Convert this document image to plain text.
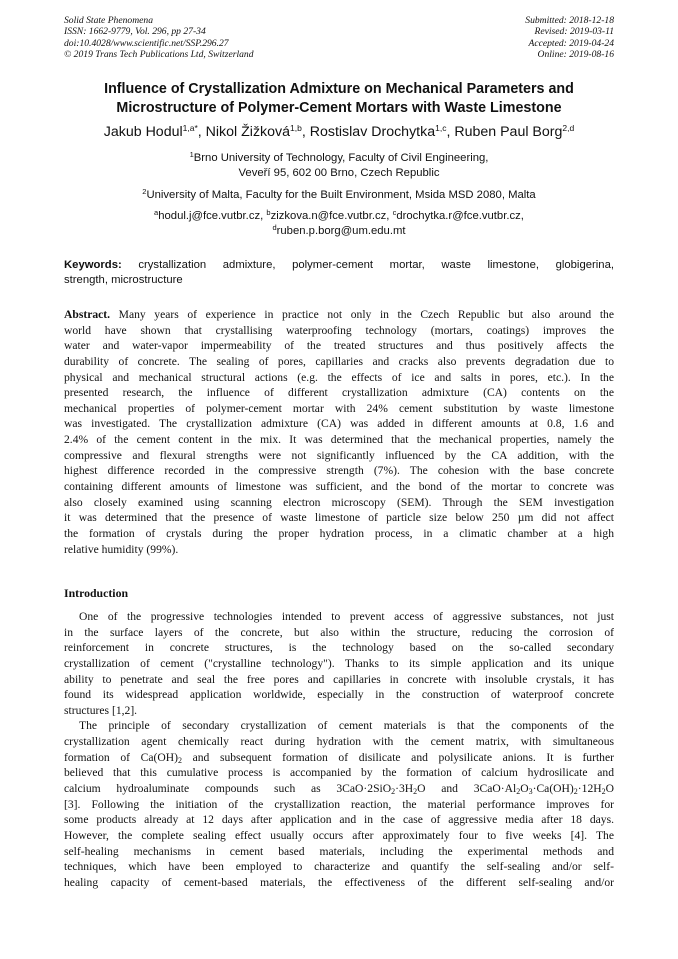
Solid State Phenomena
ISSN: 1662-9779, Vol. 296, pp 27-34
doi:10.4028/www.scientific.net/SSP.296.27
© 2019 Trans Tech Publications Ltd, Switzerland
Submitted: 2018-12-18
Revised: 2019-03-11
Accepted: 2019-04-24
Online: 2019-08-16
Influence of Crystallization Admixture on Mechanical Parameters and
Microstructure of Polymer-Cement Mortars with Waste Limestone
Jakub Hodul$^{1,a*}$, Nikol Žižková$^{1,b}$, Rostislav Drochytka$^{1,c}$, Ruben Paul Borg$^{2,d}$
$^1$Brno University of Technology, Faculty of Civil Engineering,
Veveří 95, 602 00 Brno, Czech Republic
$^2$University of Malta, Faculty for the Built Environment, Msida MSD 2080, Malta
$^a$hodul.j@fce.vutbr.cz, $^b$zizkova.n@fce.vutbr.cz, $^c$drochytka.r@fce.vutbr.cz,
$^d$ruben.p.borg@um.edu.mt
Keywords: crystallization admixture, polymer-cement mortar, waste limestone, globigerina,
strength, microstructure
Abstract. Many years of experience in practice not only in the Czech Republic but also around the
world have shown that crystallising waterproofing technology (mortars, coatings) improves the
water and water-vapor impermeability of the treated structures and thus positively affects the
durability of concrete. The sealing of pores, capillaries and cracks also prevents degradation due to
physical and mechanical structural actions (e.g. the effects of ice and salts in pores, etc.). In the
presented research, the influence of different crystallization admixture (CA) contents on the
mechanical properties of polymer-cement mortar with 24% cement substitution by waste limestone
was investigated. The crystallization admixture (CA) was added in different amounts at 0.8, 1.6 and
2.4% of the cement content in the mix. It was determined that the mechanical properties, namely the
compressive and flexural strengths were not significantly influenced by the CA addition, with the
highest difference recorded in the compressive strength (7%). The cohesion with the base concrete
containing different amounts of limestone was sufficient, and the bond of the mortar to concrete was
also closely examined using scanning electron microscopy (SEM). Through the SEM investigation
it was determined that the presence of waste limestone of particle size below 250 µm did not affect
the formation of crystals during the proper hydration process, in a climatic chamber at a high
relative humidity (99%).
Introduction
One of the progressive technologies intended to prevent access of aggressive substances, not just
in the surface layers of the concrete, but also within the structure, reducing the corrosion of
reinforcement in concrete structures, is the technology based on the so-called secondary
crystallization of cement ("crystalline technology"). Thanks to its simple application and its unique
ability to penetrate and seal the free pores and capillaries in concrete with insoluble crystals, it has
found its widespread application worldwide, especially in the construction of waterproof concrete
structures [1,2].
The principle of secondary crystallization of cement materials is that the components of the
crystallization agent chemically react during hydration with the cement matrix, with simultaneous
formation of $Ca(OH)_2$ and subsequent formation of disilicate and polysilicate anions. It is further
believed that this cumulative process is accompanied by the formation of calcium hydrosilicate and
calcium hydroaluminate compounds such as $3CaO\cdot 2SiO_2\cdot 3H_2O$ and $3CaO\cdot Al_2O_3\cdot Ca(OH)_2\cdot 12H_2O$
[3]. Following the initiation of the crystallization reaction, the material performance improves for
some products already at 12 days after application and in the case of aggressive media after 18 days.
However, the complete sealing effect usually occurs after approximately four to five weeks [4]. The
self-healing mechanisms in cement based materials, including the experimental methods and
techniques, which have been employed to characterize and quantify the self-sealing and/or self-
healing capacity of cement-based materials, the effectiveness of the different self-sealing and/or
